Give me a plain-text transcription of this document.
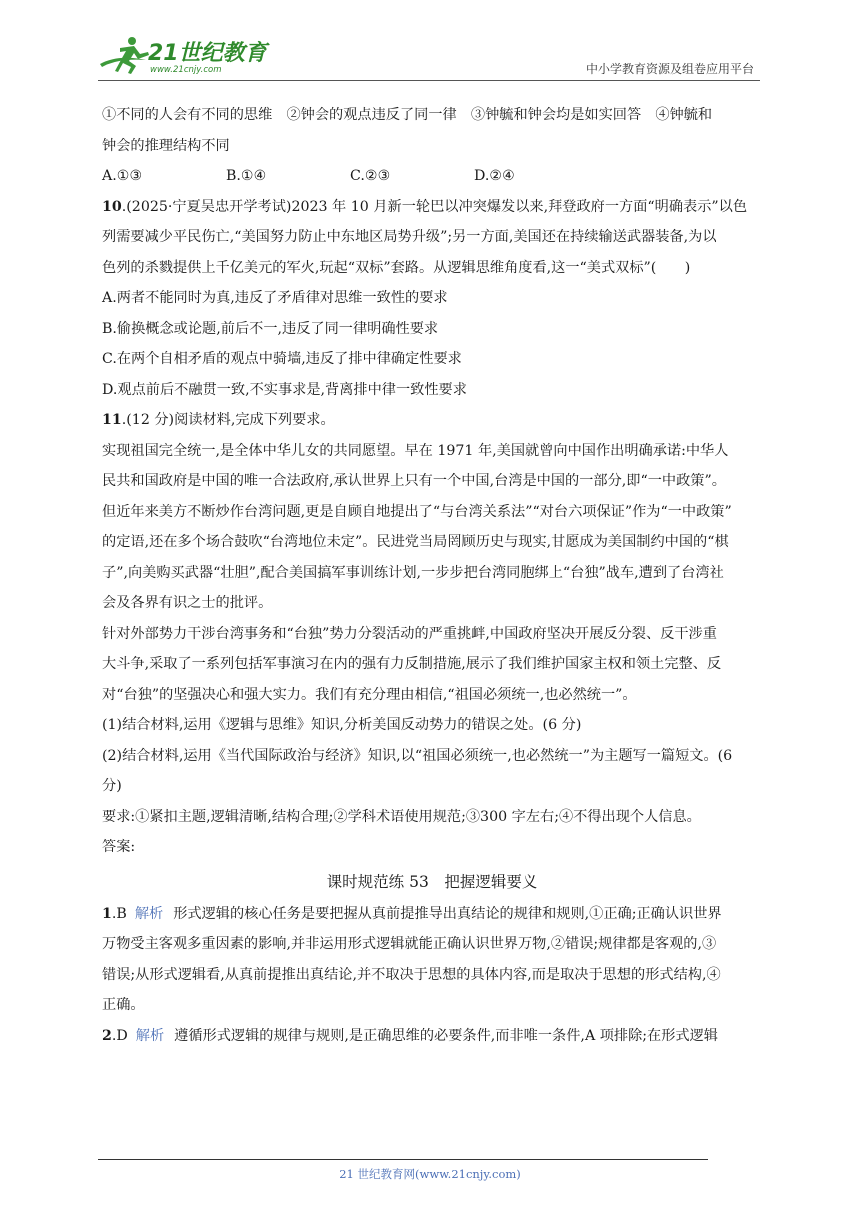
21世纪教育
www.21cnjy.com	中小学教育资源及组卷应用平台

①不同的人会有不同的思维　②钟会的观点违反了同一律　③钟毓和钟会均是如实回答　④钟毓和

钟会的推理结构不同

A.①③	B.①④	C.②③	D.②④

10.(2025·宁夏吴忠开学考试)2023 年 10 月新一轮巴以冲突爆发以来,拜登政府一方面“明确表示”以色

列需要减少平民伤亡,“美国努力防止中东地区局势升级”;另一方面,美国还在持续输送武器装备,为以

色列的杀戮提供上千亿美元的军火,玩起“双标”套路。从逻辑思维角度看,这一“美式双标”(　　)

A.两者不能同时为真,违反了矛盾律对思维一致性的要求

B.偷换概念或论题,前后不一,违反了同一律明确性要求

C.在两个自相矛盾的观点中骑墙,违反了排中律确定性要求

D.观点前后不融贯一致,不实事求是,背离排中律一致性要求

11.(12 分)阅读材料,完成下列要求。

实现祖国完全统一,是全体中华儿女的共同愿望。早在 1971 年,美国就曾向中国作出明确承诺:中华人

民共和国政府是中国的唯一合法政府,承认世界上只有一个中国,台湾是中国的一部分,即“一中政策”。

但近年来美方不断炒作台湾问题,更是自顾自地提出了“与台湾关系法”“对台六项保证”作为“一中政策”

的定语,还在多个场合鼓吹“台湾地位未定”。民进党当局罔顾历史与现实,甘愿成为美国制约中国的“棋

子”,向美购买武器“壮胆”,配合美国搞军事训练计划,一步步把台湾同胞绑上“台独”战车,遭到了台湾社

会及各界有识之士的批评。

针对外部势力干涉台湾事务和“台独”势力分裂活动的严重挑衅,中国政府坚决开展反分裂、反干涉重

大斗争,采取了一系列包括军事演习在内的强有力反制措施,展示了我们维护国家主权和领土完整、反

对“台独”的坚强决心和强大实力。我们有充分理由相信,“祖国必须统一,也必然统一”。

(1)结合材料,运用《逻辑与思维》知识,分析美国反动势力的错误之处。(6 分)

(2)结合材料,运用《当代国际政治与经济》知识,以“祖国必须统一,也必然统一”为主题写一篇短文。(6

分)

要求:①紧扣主题,逻辑清晰,结构合理;②学科术语使用规范;③300 字左右;④不得出现个人信息。

答案:

课时规范练 53　把握逻辑要义

1.B 解析 形式逻辑的核心任务是要把握从真前提推导出真结论的规律和规则,①正确;正确认识世界

万物受主客观多重因素的影响,并非运用形式逻辑就能正确认识世界万物,②错误;规律都是客观的,③

错误;从形式逻辑看,从真前提推出真结论,并不取决于思想的具体内容,而是取决于思想的形式结构,④

正确。

2.D 解析 遵循形式逻辑的规律与规则,是正确思维的必要条件,而非唯一条件,A 项排除;在形式逻辑

21 世纪教育网(www.21cnjy.com)
